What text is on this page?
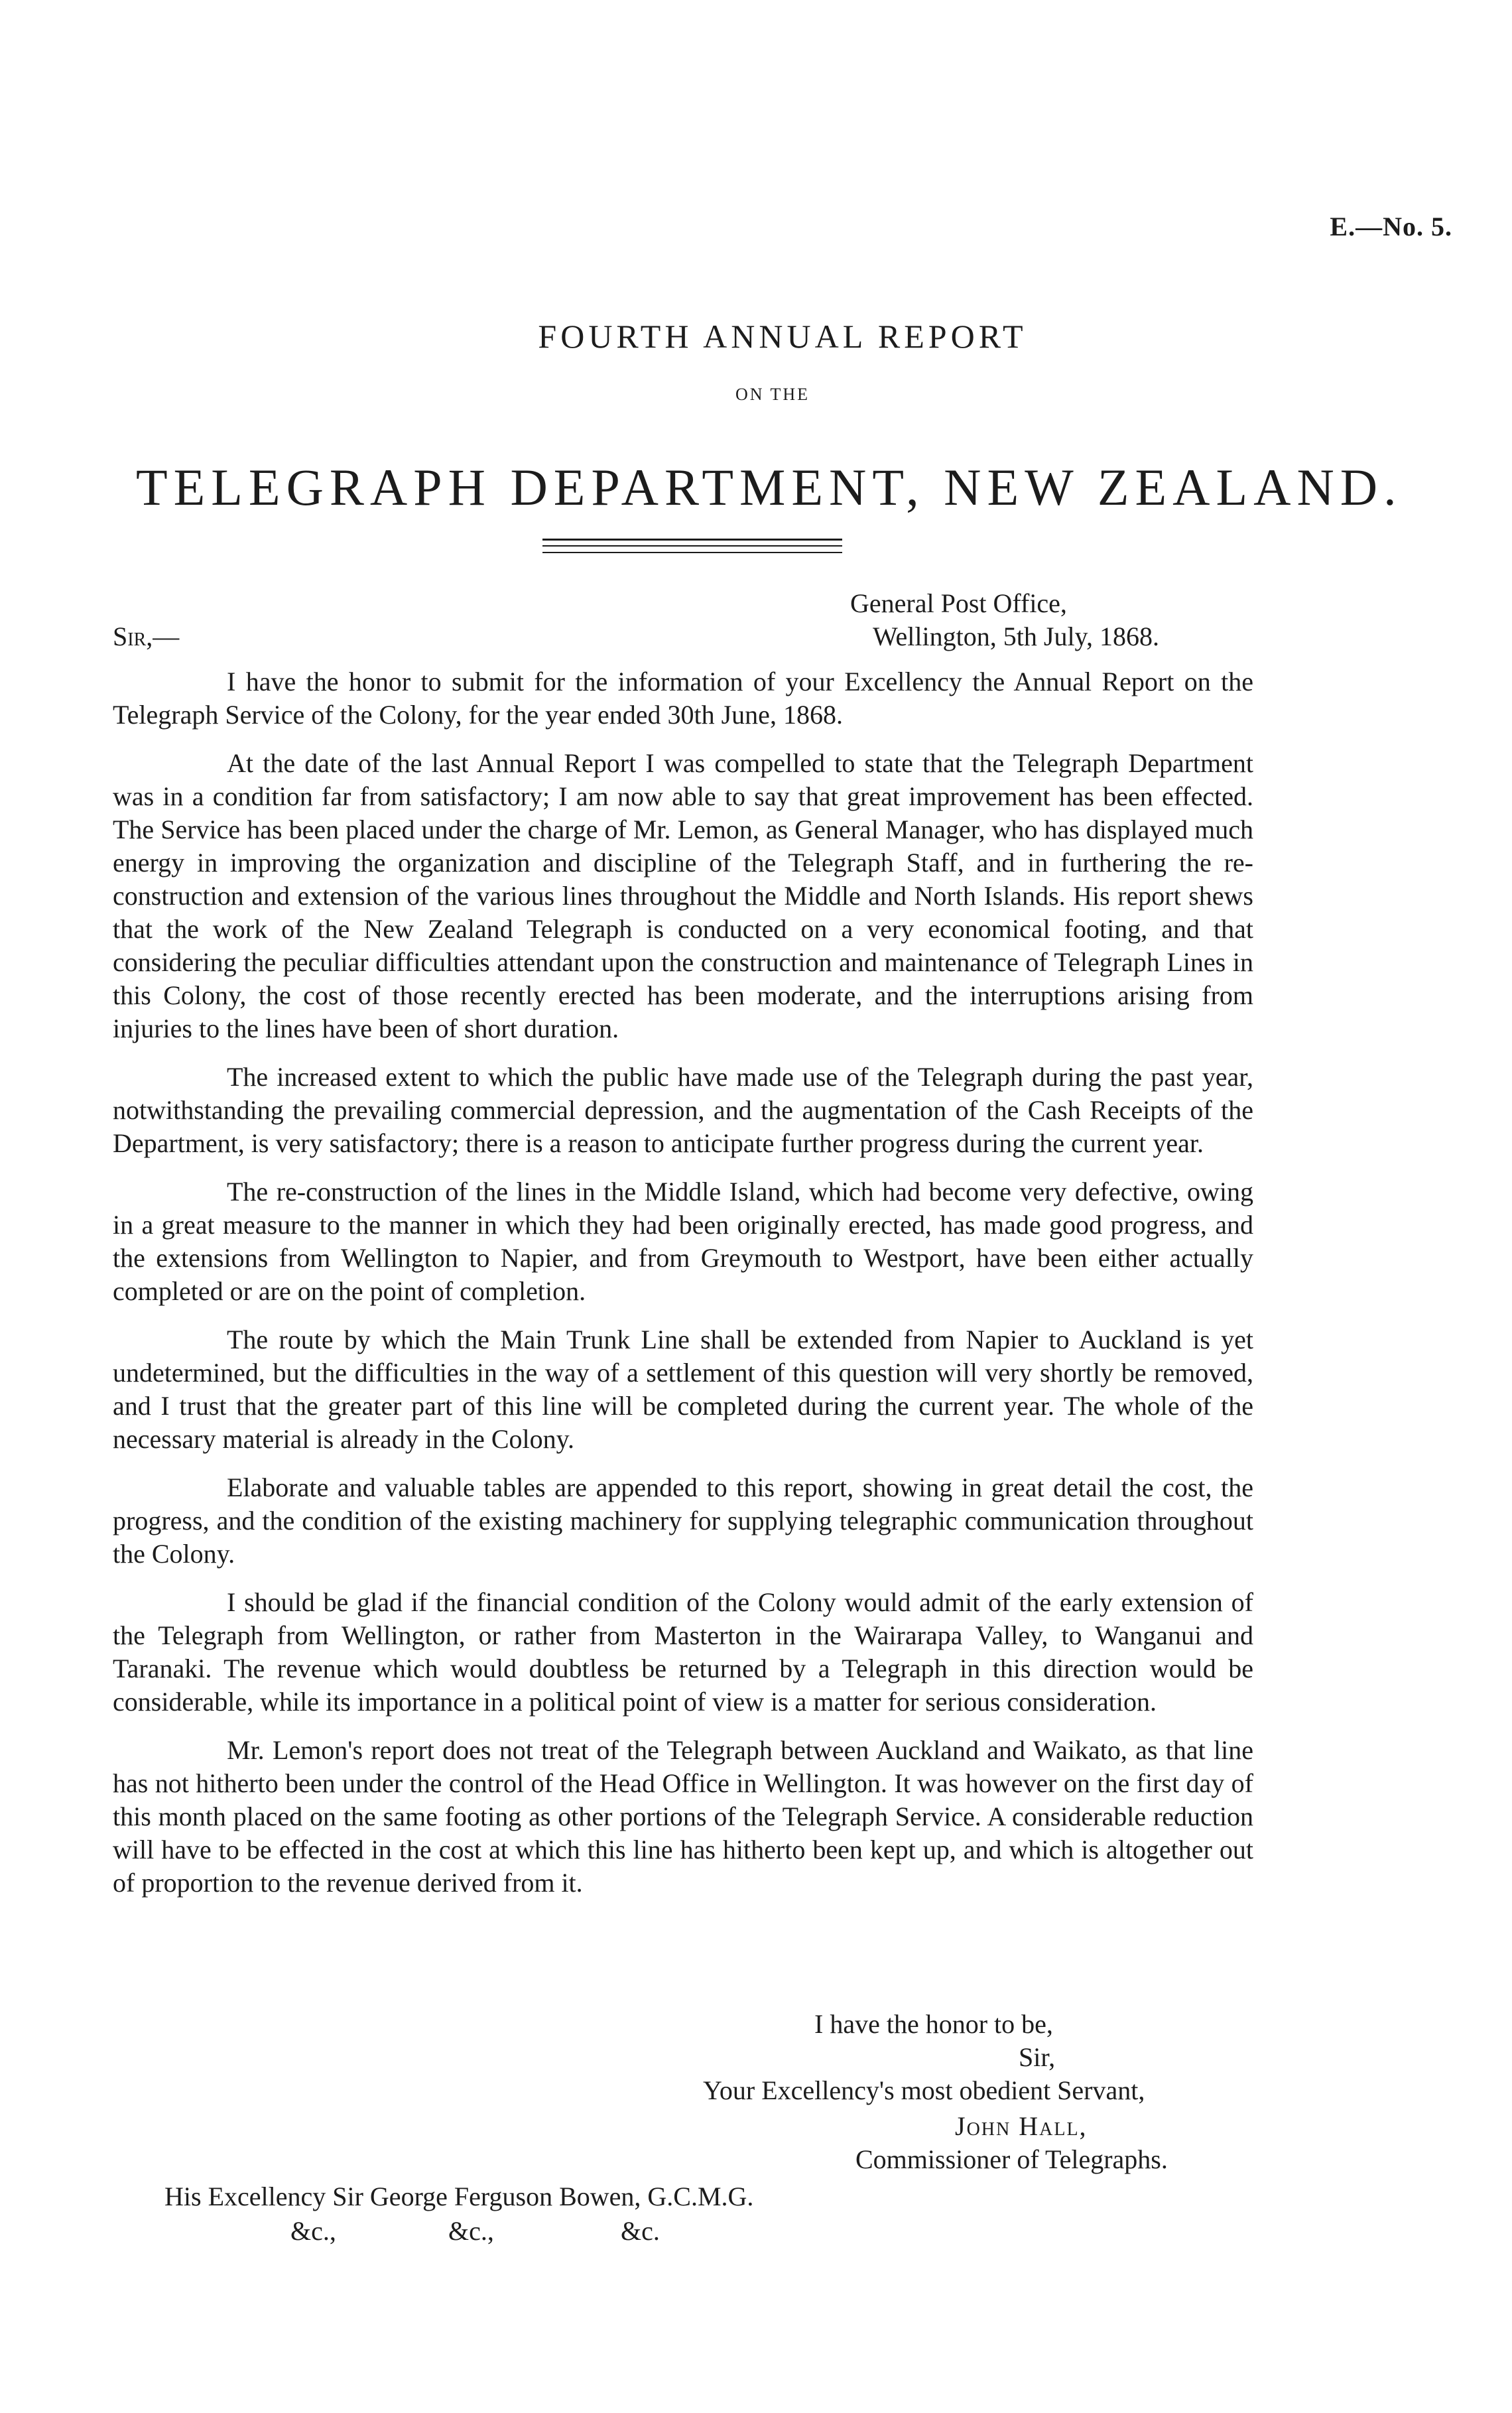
E.—No. 5.
FOURTH ANNUAL REPORT
ON THE
TELEGRAPH DEPARTMENT, NEW ZEALAND.
General Post Office,
Wellington, 5th July, 1868.
Sir,—

I have the honor to submit for the information of your Excellency the Annual Report on the Telegraph Service of the Colony, for the year ended 30th June, 1868.

At the date of the last Annual Report I was compelled to state that the Telegraph Department was in a condition far from satisfactory; I am now able to say that great improvement has been effected. The Service has been placed under the charge of Mr. Lemon, as General Manager, who has displayed much energy in improving the organization and discipline of the Telegraph Staff, and in furthering the re-construction and extension of the various lines throughout the Middle and North Islands. His report shews that the work of the New Zealand Telegraph is conducted on a very economical footing, and that considering the peculiar difficulties attendant upon the construction and maintenance of Telegraph Lines in this Colony, the cost of those recently erected has been moderate, and the interruptions arising from injuries to the lines have been of short duration.

The increased extent to which the public have made use of the Telegraph during the past year, notwithstanding the prevailing commercial depression, and the augmentation of the Cash Receipts of the Department, is very satisfactory; there is a reason to anticipate further progress during the current year.

The re-construction of the lines in the Middle Island, which had become very defective, owing in a great measure to the manner in which they had been originally erected, has made good progress, and the extensions from Wellington to Napier, and from Greymouth to Westport, have been either actually completed or are on the point of completion.

The route by which the Main Trunk Line shall be extended from Napier to Auckland is yet undetermined, but the difficulties in the way of a settlement of this question will very shortly be removed, and I trust that the greater part of this line will be completed during the current year. The whole of the necessary material is already in the Colony.

Elaborate and valuable tables are appended to this report, showing in great detail the cost, the progress, and the condition of the existing machinery for supplying telegraphic communication throughout the Colony.

I should be glad if the financial condition of the Colony would admit of the early extension of the Telegraph from Wellington, or rather from Masterton in the Wairarapa Valley, to Wanganui and Taranaki. The revenue which would doubtless be returned by a Telegraph in this direction would be considerable, while its importance in a political point of view is a matter for serious consideration.

Mr. Lemon's report does not treat of the Telegraph between Auckland and Waikato, as that line has not hitherto been under the control of the Head Office in Wellington. It was however on the first day of this month placed on the same footing as other portions of the Telegraph Service. A considerable reduction will have to be effected in the cost at which this line has hitherto been kept up, and which is altogether out of proportion to the revenue derived from it.

I have the honor to be,
Sir,
Your Excellency's most obedient Servant,
John Hall,
Commissioner of Telegraphs.
His Excellency Sir George Ferguson Bowen, G.C.M.G.
&c.,	&c.,	&c.
